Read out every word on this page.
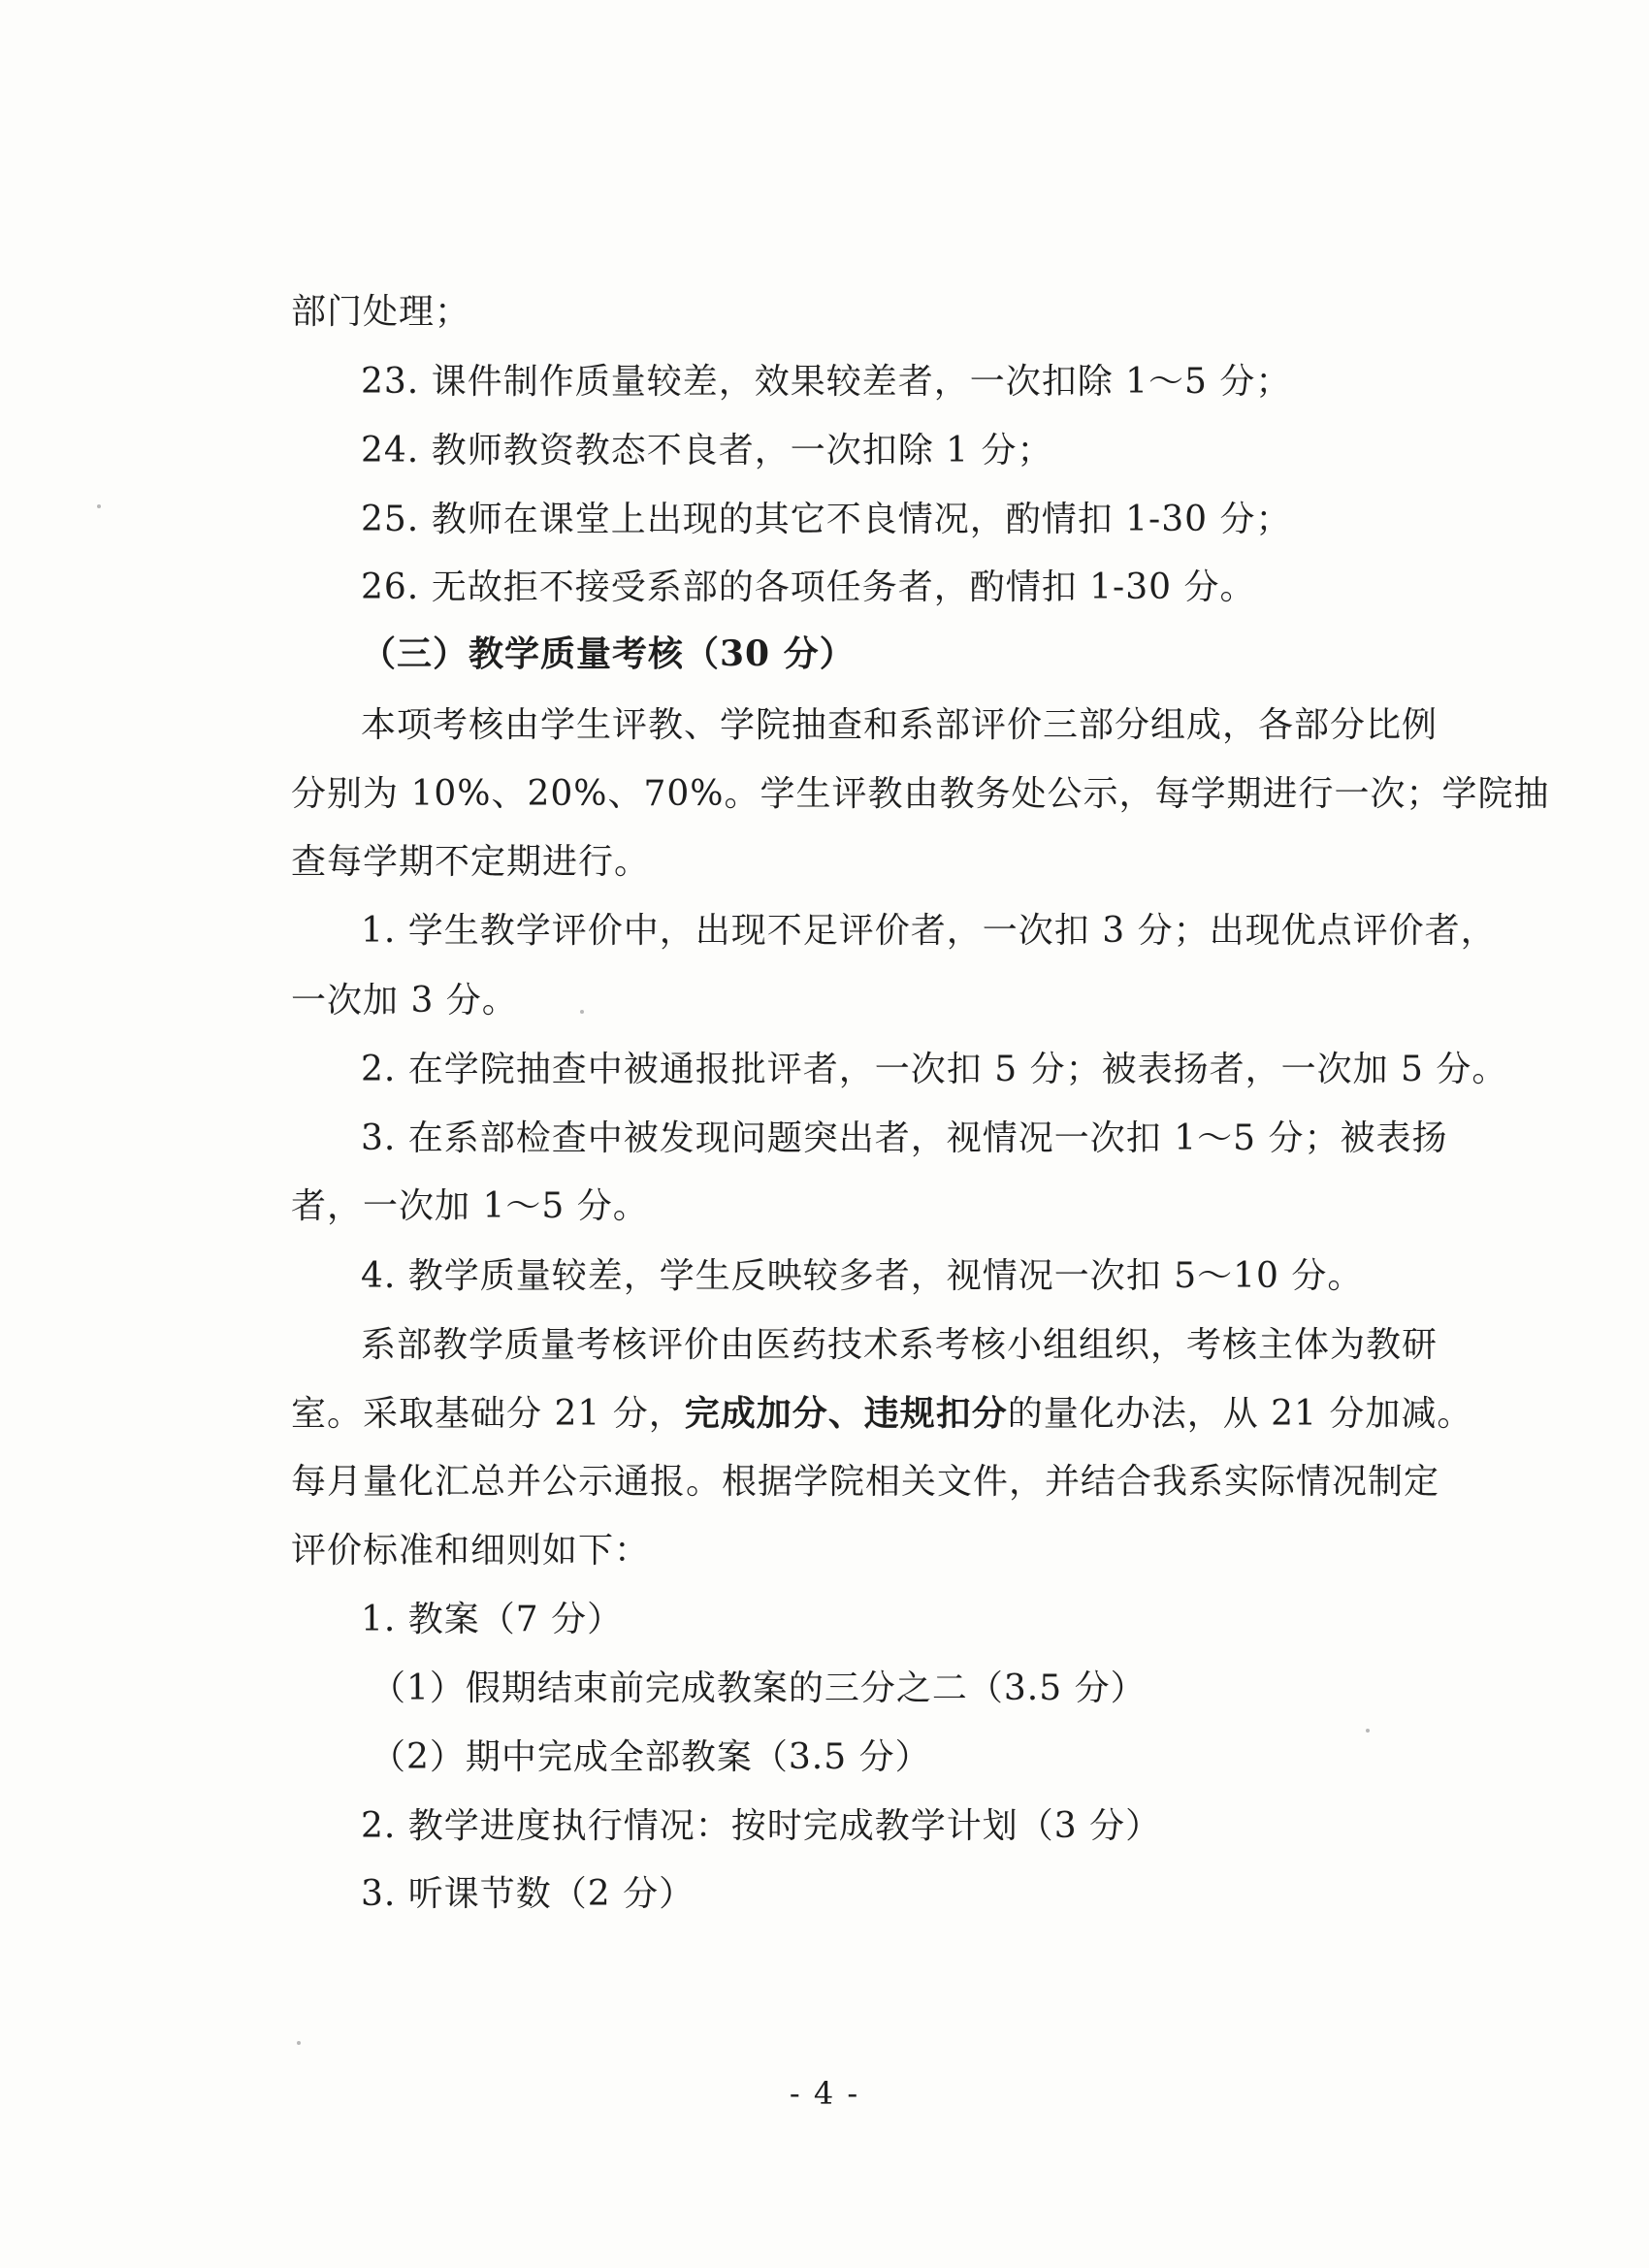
部门处理；
23. 课件制作质量较差，效果较差者，一次扣除 1～5 分；
24. 教师教资教态不良者，一次扣除 1 分；
25. 教师在课堂上出现的其它不良情况，酌情扣 1-30 分；
26. 无故拒不接受系部的各项任务者，酌情扣 1-30 分。
（三）教学质量考核（30 分）
本项考核由学生评教、学院抽查和系部评价三部分组成，各部分比例
分别为 10%、20%、70%。学生评教由教务处公示，每学期进行一次；学院抽
查每学期不定期进行。
1. 学生教学评价中，出现不足评价者，一次扣 3 分；出现优点评价者，
一次加 3 分。
2. 在学院抽查中被通报批评者，一次扣 5 分；被表扬者，一次加 5 分。
3. 在系部检查中被发现问题突出者，视情况一次扣 1～5 分；被表扬
者，一次加 1～5 分。
4. 教学质量较差，学生反映较多者，视情况一次扣 5～10 分。
系部教学质量考核评价由医药技术系考核小组组织，考核主体为教研
室。采取基础分 21 分，完成加分、违规扣分的量化办法，从 21 分加减。
每月量化汇总并公示通报。根据学院相关文件，并结合我系实际情况制定
评价标准和细则如下：
1. 教案（7 分）
（1）假期结束前完成教案的三分之二（3.5 分）
（2）期中完成全部教案（3.5 分）
2. 教学进度执行情况：按时完成教学计划（3 分）
3. 听课节数（2 分）
- 4 -
